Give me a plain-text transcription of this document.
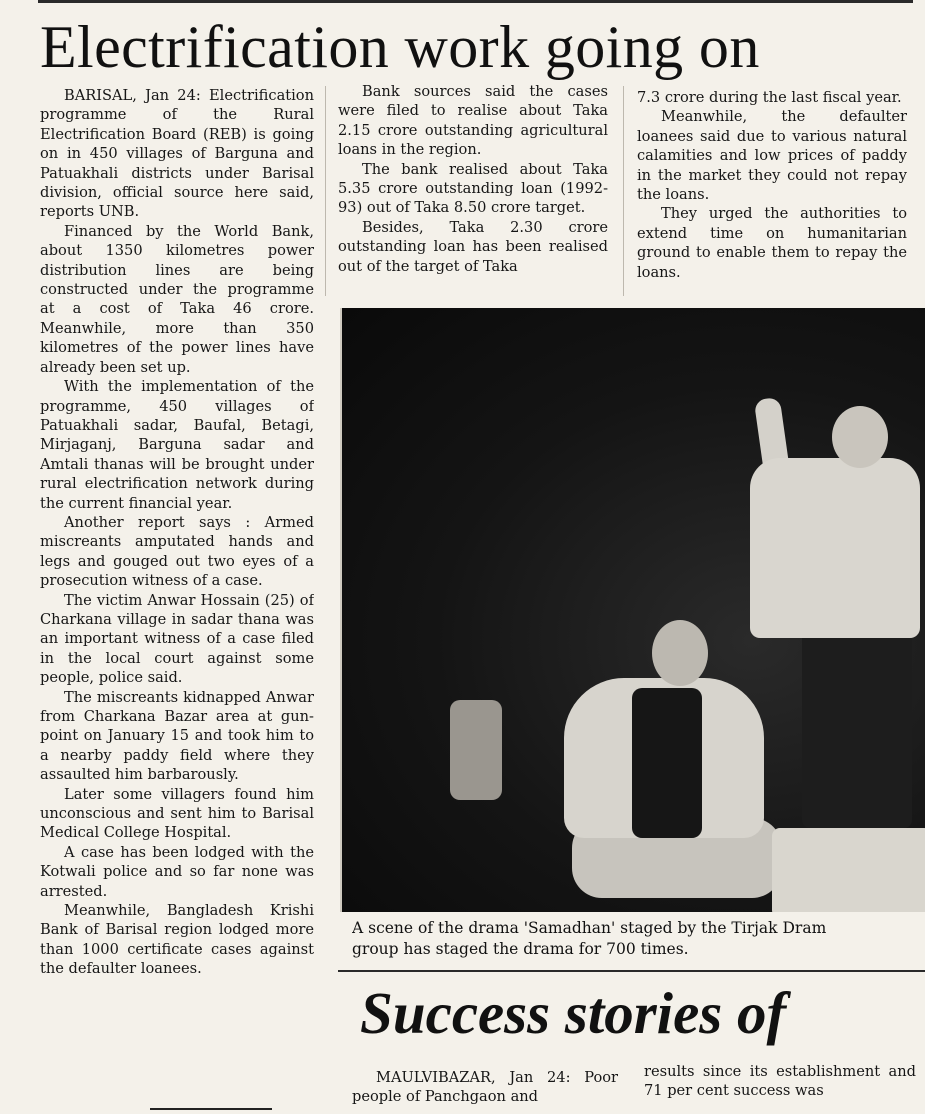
Electrification work going on

BARISAL, Jan 24: Electrification programme of the Rural Electrification Board (REB) is going on in 450 villages of Barguna and Patuakhali districts under Barisal division, official source here said, reports UNB.

Financed by the World Bank, about 1350 kilometres power distribution lines are being constructed under the programme at a cost of Taka 46 crore. Meanwhile, more than 350 kilometres of the power lines have already been set up.

With the implementation of the programme, 450 villages of Patuakhali sadar, Baufal, Betagi, Mirjaganj, Barguna sadar and Amtali thanas will be brought under rural electrification network during the current financial year.

Another report says : Armed miscreants amputated hands and legs and gouged out two eyes of a prosecution witness of a case.

The victim Anwar Hossain (25) of Charkana village in sadar thana was an important witness of a case filed in the local court against some people, police said.

The miscreants kidnapped Anwar from Charkana Bazar area at gun-point on January 15 and took him to a nearby paddy field where they assaulted him barbarously.

Later some villagers found him unconscious and sent him to Barisal Medical College Hospital.

A case has been lodged with the Kotwali police and so far none was arrested.

Meanwhile, Bangladesh Krishi Bank of Barisal region lodged more than 1000 certificate cases against the defaulter loanees.

Bank sources said the cases were filed to realise about Taka 2.15 crore outstanding agricultural loans in the region.

The bank realised about Taka 5.35 crore outstanding loan (1992-93) out of Taka 8.50 crore target.

Besides, Taka 2.30 crore outstanding loan has been realised out of the target of Taka

7.3 crore during the last fiscal year.

Meanwhile, the defaulter loanees said due to various natural calamities and low prices of paddy in the market they could not repay the loans.

They urged the authorities to extend time on humanitarian ground to enable them to repay the loans.

A scene of the drama 'Samadhan' staged by the Tirjak Dram

group has staged the drama for 700 times.

Success stories of

MAULVIBAZAR, Jan 24: Poor people of Panchgaon and

results since its establishment and 71 per cent success was
